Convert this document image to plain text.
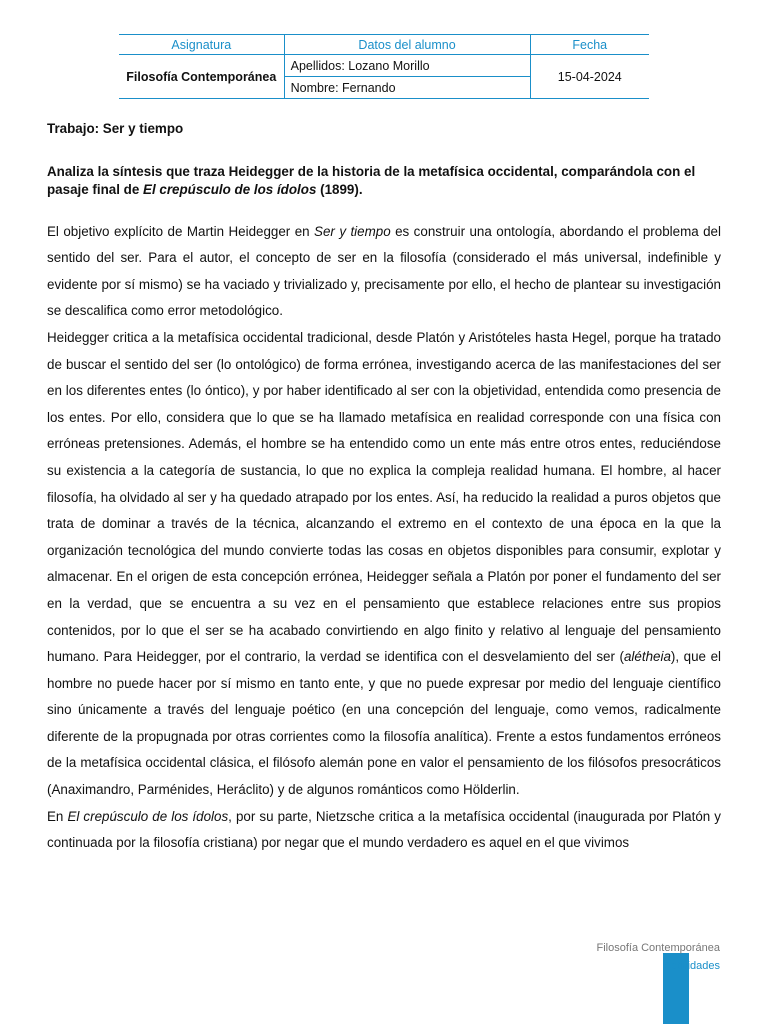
Asignatura	Datos del alumno	Fecha
Filosofía Contemporánea	Apellidos: Lozano Morillo	15-04-2024
	Nombre: Fernando	

Trabajo: Ser y tiempo

Analiza la síntesis que traza Heidegger de la historia de la metafísica occidental, comparándola con el pasaje final de El crepúsculo de los ídolos (1899).

El objetivo explícito de Martin Heidegger en Ser y tiempo es construir una ontología, abordando el problema del sentido del ser. Para el autor, el concepto de ser en la filosofía (considerado el más universal, indefinible y evidente por sí mismo) se ha vaciado y trivializado y, precisamente por ello, el hecho de plantear su investigación se descalifica como error metodológico.

Heidegger critica a la metafísica occidental tradicional, desde Platón y Aristóteles hasta Hegel, porque ha tratado de buscar el sentido del ser (lo ontológico) de forma errónea, investigando acerca de las manifestaciones del ser en los diferentes entes (lo óntico), y por haber identificado al ser con la objetividad, entendida como presencia de los entes. Por ello, considera que lo que se ha llamado metafísica en realidad corresponde con una física con erróneas pretensiones. Además, el hombre se ha entendido como un ente más entre otros entes, reduciéndose su existencia a la categoría de sustancia, lo que no explica la compleja realidad humana. El hombre, al hacer filosofía, ha olvidado al ser y ha quedado atrapado por los entes. Así, ha reducido la realidad a puros objetos que trata de dominar a través de la técnica, alcanzando el extremo en el contexto de una época en la que la organización tecnológica del mundo convierte todas las cosas en objetos disponibles para consumir, explotar y almacenar. En el origen de esta concepción errónea, Heidegger señala a Platón por poner el fundamento del ser en la verdad, que se encuentra a su vez en el pensamiento que establece relaciones entre sus propios contenidos, por lo que el ser se ha acabado convirtiendo en algo finito y relativo al lenguaje del pensamiento humano. Para Heidegger, por el contrario, la verdad se identifica con el desvelamiento del ser (alétheia), que el hombre no puede hacer por sí mismo en tanto ente, y que no puede expresar por medio del lenguaje científico sino únicamente a través del lenguaje poético (en una concepción del lenguaje, como vemos, radicalmente diferente de la propugnada por otras corrientes como la filosofía analítica). Frente a estos fundamentos erróneos de la metafísica occidental clásica, el filósofo alemán pone en valor el pensamiento de los filósofos presocráticos (Anaximandro, Parménides, Heráclito) y de algunos románticos como Hölderlin.

En El crepúsculo de los ídolos, por su parte, Nietzsche critica a la metafísica occidental (inaugurada por Platón y continuada por la filosofía cristiana) por negar que el mundo verdadero es aquel en el que vivimos

Filosofía Contemporánea
Actividades
